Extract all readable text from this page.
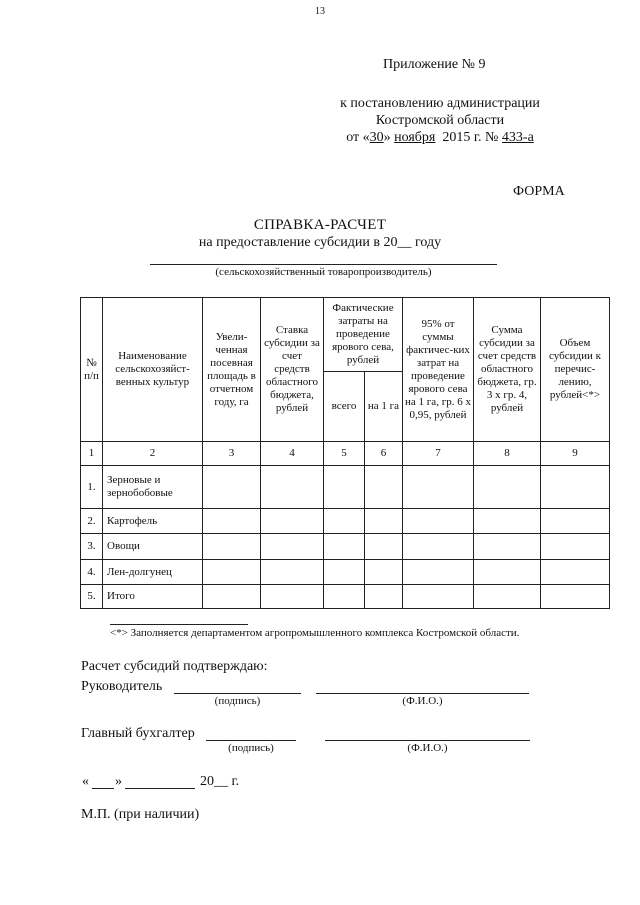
13
Приложение № 9
к постановлению администрации
Костромской области
от «30» ноября  2015 г. № 433-а
ФОРМА
СПРАВКА-РАСЧЕТ
на предоставление субсидии в 20__ году
(сельскохозяйственный товаропроизводитель)
№ п/п	Наименование сельскохозяйст-венных культур	Увели-ченная посевная площадь в отчетном году, га	Ставка субсидии за счет средств областного бюджета, рублей	Фактические затраты на проведение ярового сева, рублей		95% от суммы фактичес-ких затрат на проведение ярового сева на 1 га, гр. 6 x 0,95, рублей	Сумма субсидии за счет средств областного бюджета, гр. 3 x гр. 4, рублей	Объем субсидии к перечис-лению, рублей<*>
				всего	на 1 га			
1	2	3	4	5	6	7	8	9
1.	Зерновые и зернобобовые							
2.	Картофель							
3.	Овощи							
4.	Лен-долгунец							
5.	Итого							
<*> Заполняется департаментом агропромышленного комплекса Костромской области.
Расчет субсидий подтверждаю:
Руководитель
(подпись)	(Ф.И.О.)
Главный бухгалтер
(подпись)	(Ф.И.О.)
« »	20__ г.
М.П. (при наличии)
